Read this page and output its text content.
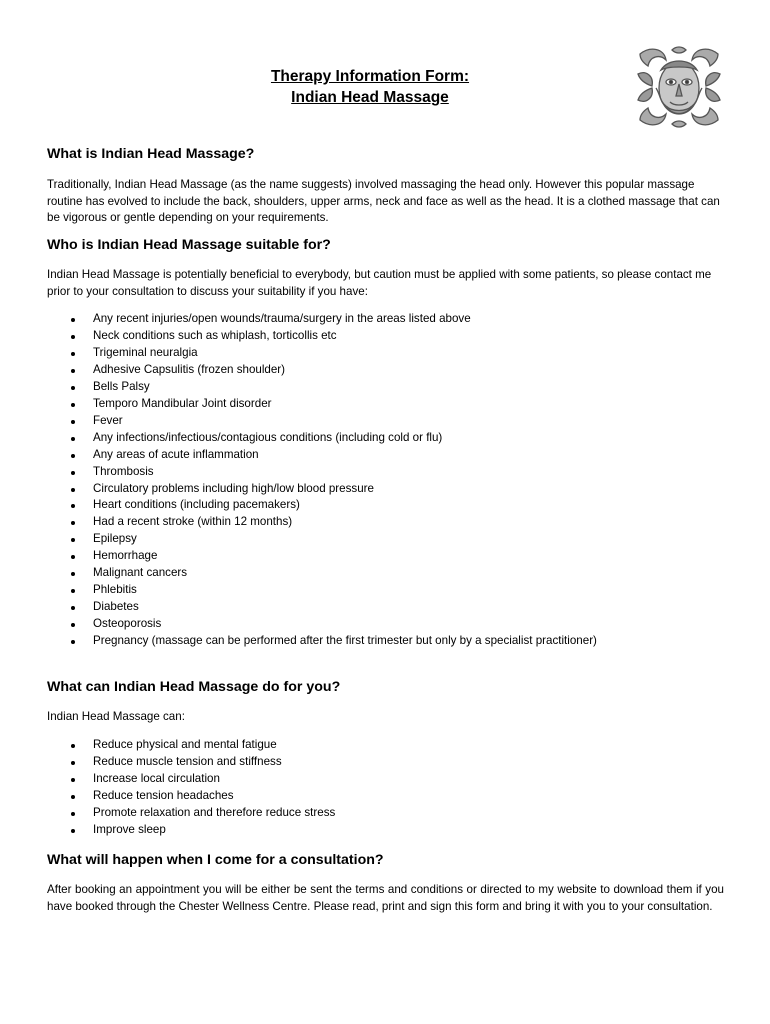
Therapy Information Form:
Indian Head Massage
What is Indian Head Massage?

Traditionally, Indian Head Massage (as the name suggests) involved massaging the head only. However this popular massage routine has evolved to include the back, shoulders, upper arms, neck and face as well as the head. It is a clothed massage that can be vigorous or gentle depending on your requirements.

Who is Indian Head Massage suitable for?

Indian Head Massage is potentially beneficial to everybody, but caution must be applied with some patients, so please contact me prior to your consultation to discuss your suitability if you have:

Any recent injuries/open wounds/trauma/surgery in the areas listed above
Neck conditions such as whiplash, torticollis etc
Trigeminal neuralgia
Adhesive Capsulitis (frozen shoulder)
Bells Palsy
Temporo Mandibular Joint disorder
Fever
Any infections/infectious/contagious conditions (including cold or flu)
Any areas of acute inflammation
Thrombosis
Circulatory problems including high/low blood pressure
Heart conditions (including pacemakers)
Had a recent stroke (within 12 months)
Epilepsy
Hemorrhage
Malignant cancers
Phlebitis
Diabetes
Osteoporosis
Pregnancy (massage can be performed after the first trimester but only by a specialist practitioner)
What can Indian Head Massage do for you?

Indian Head Massage can:

Reduce physical and mental fatigue
Reduce muscle tension and stiffness
Increase local circulation
Reduce tension headaches
Promote relaxation and therefore reduce stress
Improve sleep
What will happen when I come for a consultation?

After booking an appointment you will be either be sent the terms and conditions or directed to my website to download them if you have booked through the Chester Wellness Centre. Please read, print and sign this form and bring it with you to your consultation.
